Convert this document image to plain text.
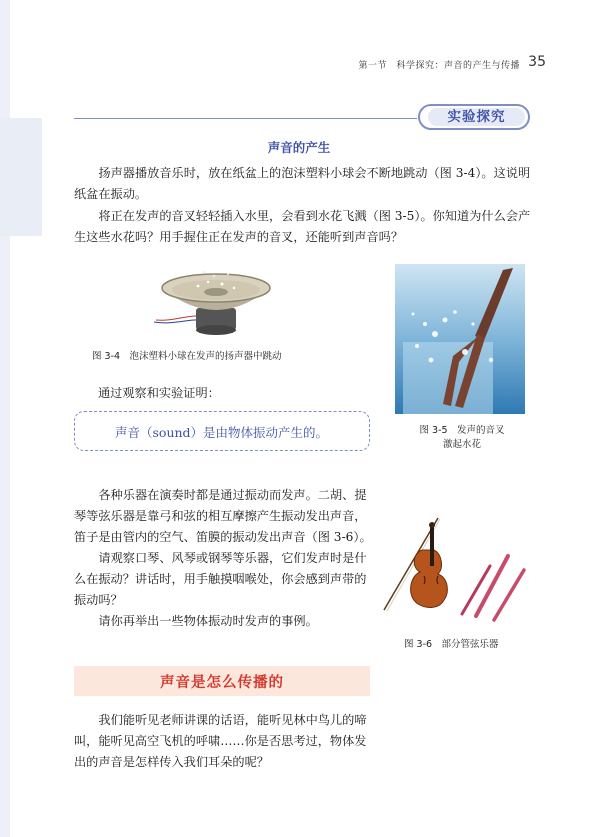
第一节　科学探究：声音的产生与传播 35
实验探究
声音的产生
扬声器播放音乐时，放在纸盆上的泡沫塑料小球会不断地跳动（图 3-4）。这说明纸盆在振动。
将正在发声的音叉轻轻插入水里，会看到水花飞溅（图 3-5）。你知道为什么会产生这些水花吗？用手握住正在发声的音叉，还能听到声音吗？
图 3-4　泡沫塑料小球在发声的扬声器中跳动
图 3-5　发声的音叉
激起水花
通过观察和实验证明：
声音（sound）是由物体振动产生的。

各种乐器在演奏时都是通过振动而发声。二胡、提琴等弦乐器是靠弓和弦的相互摩擦产生振动发出声音，笛子是由管内的空气、笛膜的振动发出声音（图 3-6）。

请观察口琴、风琴或钢琴等乐器，它们发声时是什么在振动？讲话时，用手触摸咽喉处，你会感到声带的振动吗？

请你再举出一些物体振动时发声的事例。

图 3-6　部分管弦乐器
声音是怎么传播的
我们能听见老师讲课的话语，能听见林中鸟儿的啼叫，能听见高空飞机的呼啸……你是否思考过，物体发出的声音是怎样传入我们耳朵的呢？
